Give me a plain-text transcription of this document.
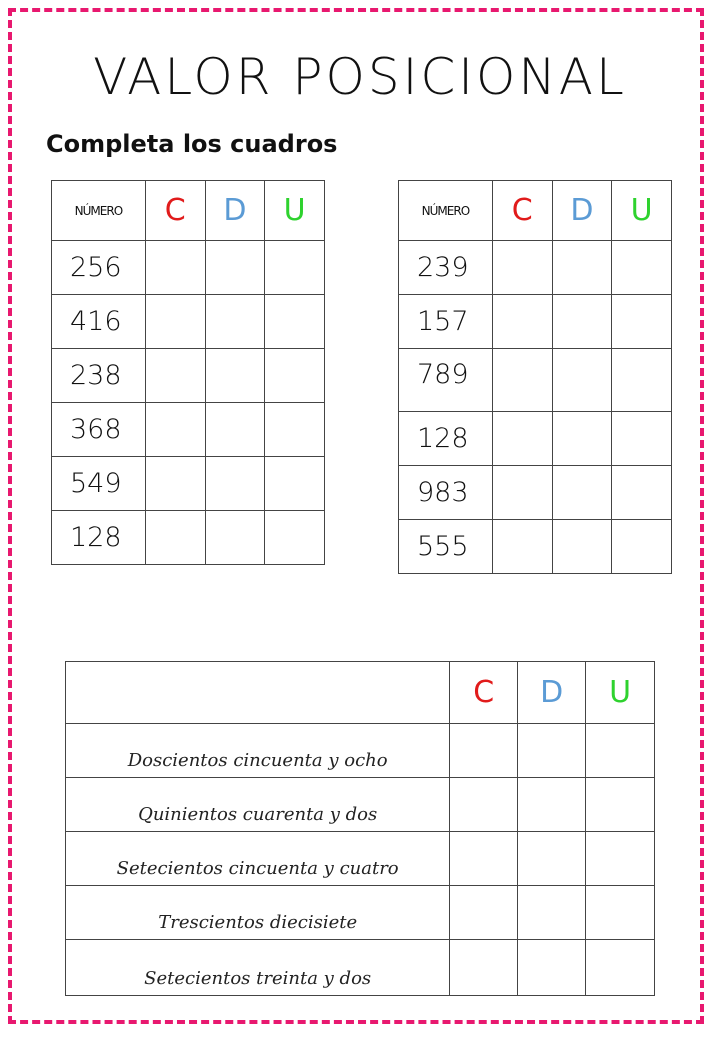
VALOR POSICIONAL
Completa los cuadros
NÚMERO	C	D	U
256			
416			
238			
368			
549			
128			
NÚMERO	C	D	U
239			
157			
789			
128			
983			
555			
	C	D	U
Doscientos cincuenta y ocho			
Quinientos cuarenta y dos			
Setecientos cincuenta y cuatro			
Trescientos diecisiete			
Setecientos treinta y dos			
